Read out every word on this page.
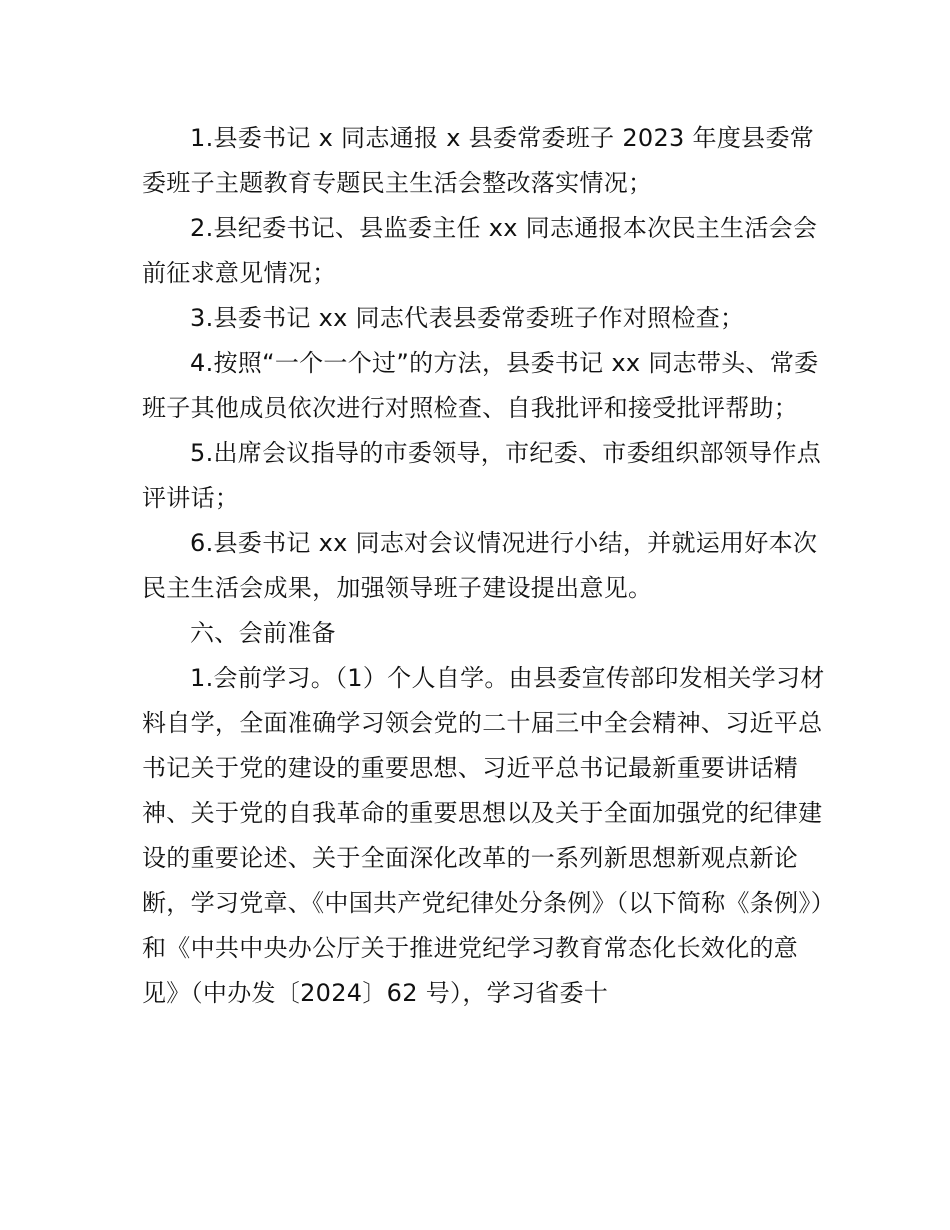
1.县委书记 x 同志通报 x 县委常委班子 2023 年度县委常委班子主题教育专题民主生活会整改落实情况；

2.县纪委书记、县监委主任 xx 同志通报本次民主生活会会前征求意见情况；

3.县委书记 xx 同志代表县委常委班子作对照检查；

4.按照“一个一个过”的方法，县委书记 xx 同志带头、常委班子其他成员依次进行对照检查、自我批评和接受批评帮助；

5.出席会议指导的市委领导，市纪委、市委组织部领导作点评讲话；

6.县委书记 xx 同志对会议情况进行小结，并就运用好本次民主生活会成果，加强领导班子建设提出意见。

六、会前准备

1.会前学习。（1）个人自学。由县委宣传部印发相关学习材料自学，全面准确学习领会党的二十届三中全会精神、习近平总书记关于党的建设的重要思想、习近平总书记最新重要讲话精神、关于党的自我革命的重要思想以及关于全面加强党的纪律建设的重要论述、关于全面深化改革的一系列新思想新观点新论断，学习党章、《中国共产党纪律处分条例》（以下简称《条例》）和《中共中央办公厅关于推进党纪学习教育常态化长效化的意见》（中办发〔2024〕62 号），学习省委十
